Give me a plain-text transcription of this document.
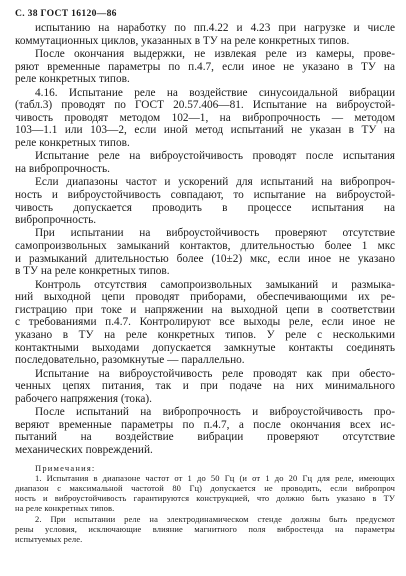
С. 38 ГОСТ 16120—86
испытанию на наработку по пп.4.22 и 4.23 при нагрузке и числе
коммутационных циклов, указанных в ТУ на реле конкретных типов.
После окончания выдержки, не извлекая реле из камеры, прове-
ряют временные параметры по п.4.7, если иное не указано в ТУ на
реле конкретных типов.
4.16. Испытание реле на воздействие синусоидальной вибрации
(табл.3) проводят по ГОСТ 20.57.406—81. Испытание на виброустой-
чивость проводят методом 102—1, на вибропрочность — методом
103—1.1 или 103—2, если иной метод испытаний не указан в ТУ на
реле конкретных типов.
Испытание реле на виброустойчивость проводят после испытания
на вибропрочность.
Если диапазоны частот и ускорений для испытаний на вибропроч-
ность и виброустойчивость совпадают, то испытание на виброустой-
чивость допускается проводить в процессе испытания на
вибропрочность.
При испытании на виброустойчивость проверяют отсутствие
самопроизвольных замыканий контактов, длительностью более 1 мкс
и размыканий длительностью более (10±2) мкс, если иное не указано
в ТУ на реле конкретных типов.
Контроль отсутствия самопроизвольных замыканий и размыка-
ний выходной цепи проводят приборами, обеспечивающими их ре-
гистрацию при токе и напряжении на выходной цепи в соответствии
с требованиями п.4.7. Контролируют все выходы реле, если иное не
указано в ТУ на реле конкретных типов. У реле с несколькими
контактными выходами допускается замкнутые контакты соединять
последовательно, разомкнутые — параллельно.
Испытание на виброустойчивость реле проводят как при обесто-
ченных цепях питания, так и при подаче на них минимального
рабочего напряжения (тока).
После испытаний на вибропрочность и виброустойчивость про-
веряют временные параметры по п.4.7, а после окончания всех ис-
пытаний на воздействие вибрации проверяют отсутствие
механических повреждений.
Примечания:
1. Испытания в диапазоне частот от 1 до 50 Гц (и от 1 до 20 Гц для реле, имеющих
диапазон с максимальной частотой 80 Гц) допускается не проводить, если вибропроч
ность и виброустойчивость гарантируются конструкцией, что должно быть указано в ТУ
на реле конкретных типов.
2. При испытании реле на электродинамическом стенде должны быть предусмот
рены условия, исключающие влияние магнитного поля вибростенда на параметры
испытуемых реле.
